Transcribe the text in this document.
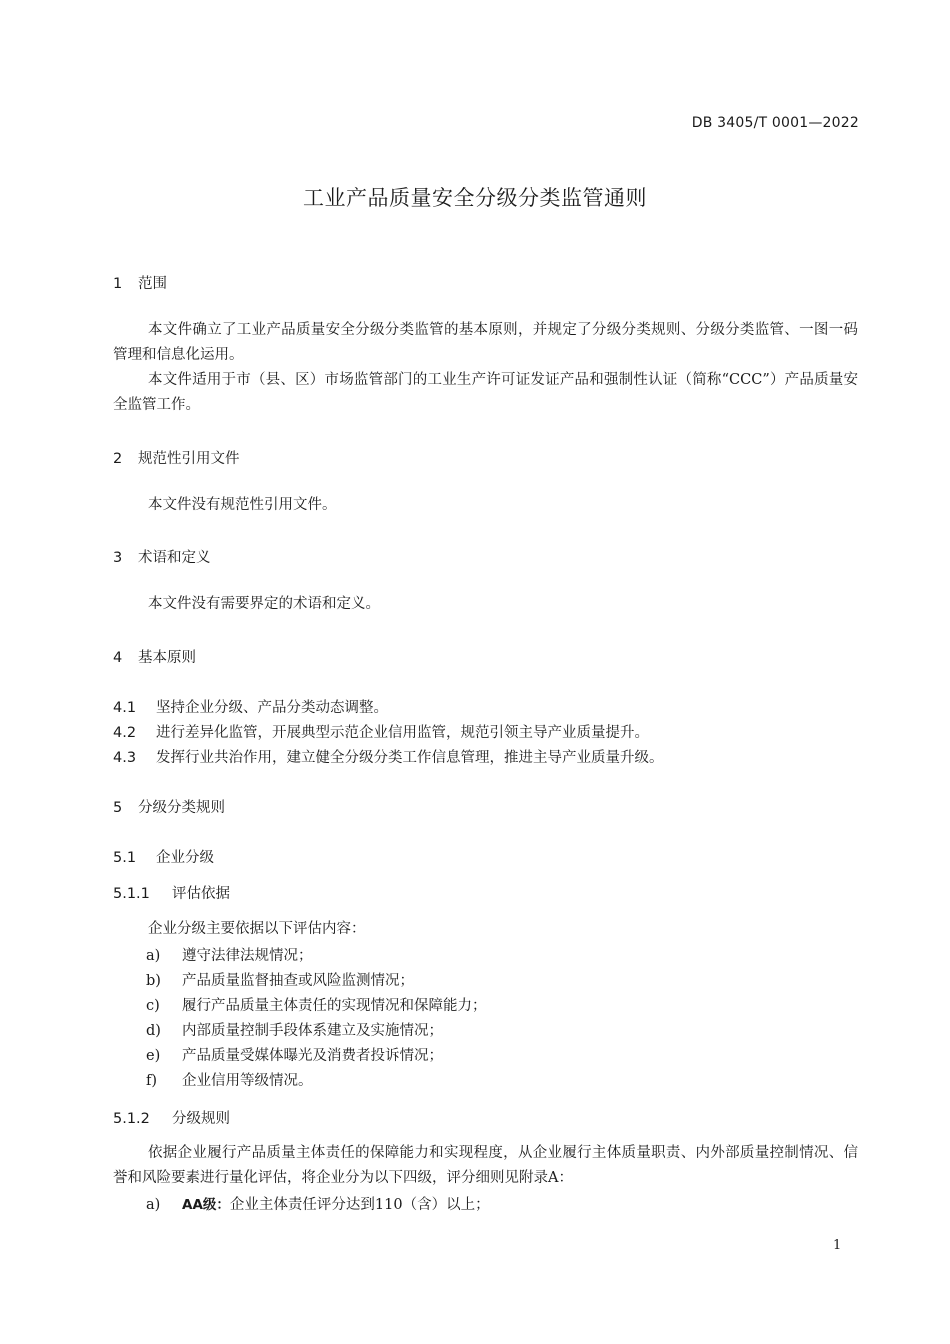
DB 3405/T 0001—2022
工业产品质量安全分级分类监管通则
1 范围
本文件确立了工业产品质量安全分级分类监管的基本原则，并规定了分级分类规则、分级分类监管、一图一码管理和信息化运用。
本文件适用于市（县、区）市场监管部门的工业生产许可证发证产品和强制性认证（简称“CCC”）产品质量安全监管工作。
2 规范性引用文件
本文件没有规范性引用文件。
3 术语和定义
本文件没有需要界定的术语和定义。
4 基本原则
4.1 坚持企业分级、产品分类动态调整。
4.2 进行差异化监管，开展典型示范企业信用监管，规范引领主导产业质量提升。
4.3 发挥行业共治作用，建立健全分级分类工作信息管理，推进主导产业质量升级。
5 分级分类规则
5.1 企业分级
5.1.1 评估依据
企业分级主要依据以下评估内容：
a) 遵守法律法规情况；
b) 产品质量监督抽查或风险监测情况；
c) 履行产品质量主体责任的实现情况和保障能力；
d) 内部质量控制手段体系建立及实施情况；
e) 产品质量受媒体曝光及消费者投诉情况；
f) 企业信用等级情况。
5.1.2 分级规则
依据企业履行产品质量主体责任的保障能力和实现程度，从企业履行主体质量职责、内外部质量控制情况、信誉和风险要素进行量化评估，将企业分为以下四级，评分细则见附录A：
a) AA级：企业主体责任评分达到110（含）以上；
1
